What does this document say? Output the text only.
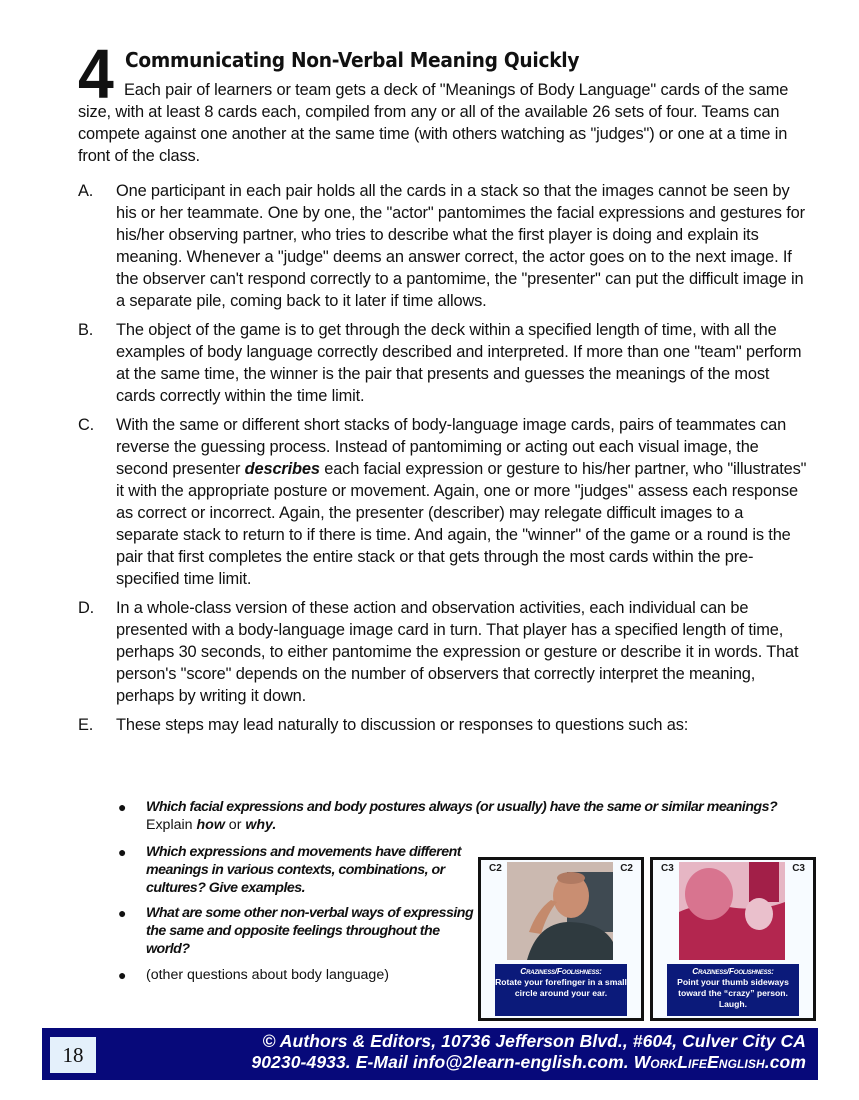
4 Communicating Non-Verbal Meaning Quickly
Each pair of learners or team gets a deck of "Meanings of Body Language" cards of the same size, with at least 8 cards each, compiled from any or all of the available 26 sets of four. Teams can compete against one another at the same time (with others watching as "judges") or one at a time in front of the class.
A. One participant in each pair holds all the cards in a stack so that the images cannot be seen by his or her teammate. One by one, the "actor" pantomimes the facial expressions and gestures for his/her observing partner, who tries to describe what the first player is doing and explain its meaning. Whenever a "judge" deems an answer correct, the actor goes on to the next image. If the observer can't respond correctly to a pantomime, the "presenter" can put the difficult image in a separate pile, coming back to it later if time allows.

B. The object of the game is to get through the deck within a specified length of time, with all the examples of body language correctly described and interpreted. If more than one "team" perform at the same time, the winner is the pair that presents and guesses the meanings of the most cards correctly within the time limit.

C. With the same or different short stacks of body-language image cards, pairs of teammates can reverse the guessing process. Instead of pantomiming or acting out each visual image, the second presenter describes each facial expression or gesture to his/her partner, who "illustrates" it with the appropriate posture or movement. Again, one or more "judges" assess each response as correct or incorrect. Again, the presenter (describer) may relegate difficult images to a separate stack to return to if there is time. And again, the "winner" of the game or a round is the pair that first completes the entire stack or that gets through the most cards within the pre-specified time limit.

D. In a whole-class version of these action and observation activities, each individual can be presented with a body-language image card in turn. That player has a specified length of time, perhaps 30 seconds, to either pantomime the expression or gesture or describe it in words. That person's "score" depends on the number of observers that correctly interpret the meaning, perhaps by writing it down.

E. These steps may lead naturally to discussion or responses to questions such as:

● Which facial expressions and body postures always (or usually) have the same or similar meanings? Explain how or why.
● Which expressions and movements have different meanings in various contexts, combinations, or cultures? Give examples.
● What are some other non-verbal ways of expressing the same and opposite feelings throughout the world?
● (other questions about body language)
C2	C2
Craziness/Foolishness:
Rotate your forefinger in a small circle around your ear.
C3	C3
Craziness/Foolishness:
Point your thumb sideways toward the “crazy” person. Laugh.
18
© Authors & Editors, 10736 Jefferson Blvd., #604, Culver City CA
90230-4933. E-Mail info@2learn-english.com. WorkLifeEnglish.com
